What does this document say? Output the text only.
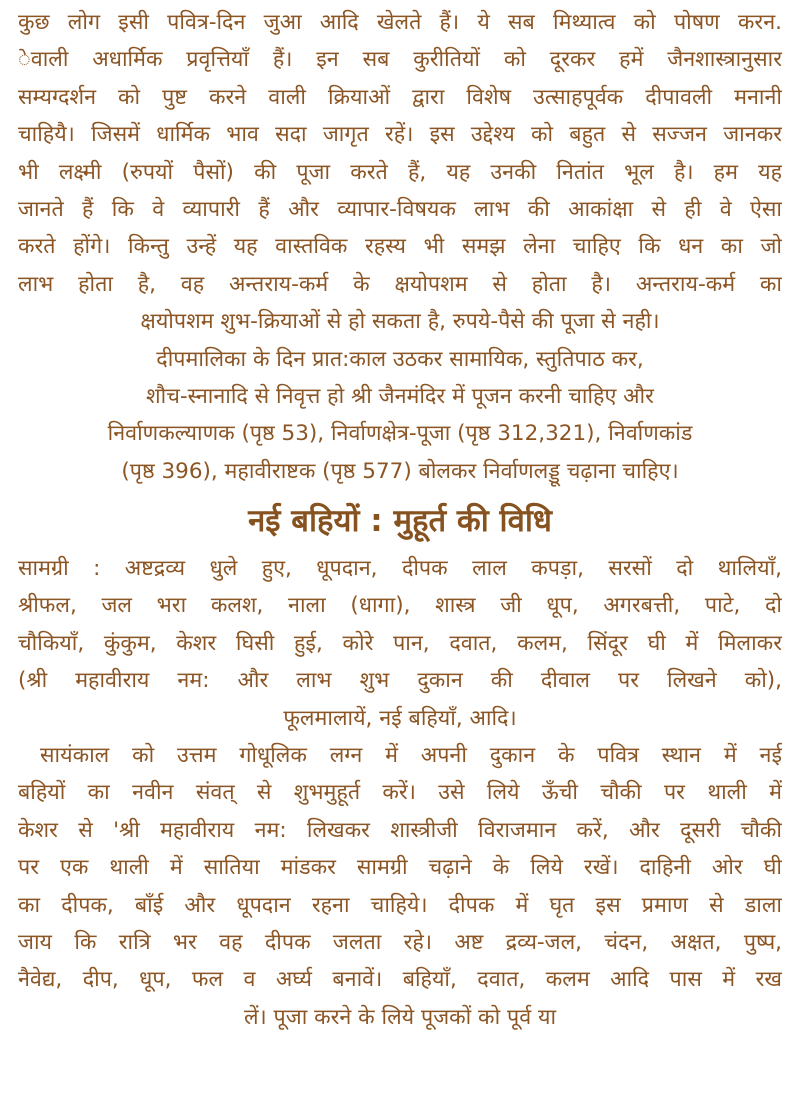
कुछ लोग इसी पवित्र-दिन जुआ आदि खेलते हैं। ये सब मिथ्यात्व को पोषण करन.
ेवाली अधार्मिक प्रवृत्तियाँ हैं। इन सब कुरीतियों को दूरकर हमें जैनशास्त्रानुसार
सम्यग्दर्शन को पुष्ट करने वाली क्रियाओं द्वारा विशेष उत्साहपूर्वक दीपावली मनानी
चाहियै। जिसमें धार्मिक भाव सदा जागृत रहें। इस उद्देश्य को बहुत से सज्जन जानकर
भी लक्ष्मी (रुपयों पैसों) की पूजा करते हैं, यह उनकी नितांत भूल है। हम यह
जानते हैं कि वे व्यापारी हैं और व्यापार-विषयक लाभ की आकांक्षा से ही वे ऐसा
करते होंगे। किन्तु उन्हें यह वास्तविक रहस्य भी समझ लेना चाहिए कि धन का जो
लाभ होता है, वह अन्तराय-कर्म के क्षयोपशम से होता है। अन्तराय-कर्म का
क्षयोपशम शुभ-क्रियाओं से हो सकता है, रुपये-पैसे की पूजा से नही।
दीपमालिका के दिन प्रात:काल उठकर सामायिक, स्तुतिपाठ कर,
शौच-स्नानादि से निवृत्त हो श्री जैनमंदिर में पूजन करनी चाहिए और
निर्वाणकल्याणक (पृष्ठ 53), निर्वाणक्षेत्र-पूजा (पृष्ठ 312,321), निर्वाणकांड
(पृष्ठ 396), महावीराष्टक (पृष्ठ 577) बोलकर निर्वाणलड्डू चढ़ाना चाहिए।
नई बहियों : मुहूर्त की विधि
सामग्री : अष्टद्रव्य धुले हुए, धूपदान, दीपक लाल कपड़ा, सरसों दो थालियाँ,
श्रीफल, जल भरा कलश, नाला (धागा), शास्त्र जी धूप, अगरबत्ती, पाटे, दो
चौकियाँ, कुंकुम, केशर घिसी हुई, कोरे पान, दवात, कलम, सिंदूर घी में मिलाकर
(श्री महावीराय नम: और लाभ शुभ दुकान की दीवाल पर लिखने को),
फूलमालायें, नई बहियाँ, आदि।
सायंकाल को उत्तम गोधूलिक लग्न में अपनी दुकान के पवित्र स्थान में नई
बहियों का नवीन संवत् से शुभमुहूर्त करें। उसे लिये ऊँची चौकी पर थाली में
केशर से 'श्री महावीराय नम: लिखकर शास्त्रीजी विराजमान करें, और दूसरी चौकी
पर एक थाली में सातिया मांडकर सामग्री चढ़ाने के लिये रखें। दाहिनी ओर घी
का दीपक, बाँई और धूपदान रहना चाहिये। दीपक में घृत इस प्रमाण से डाला
जाय कि रात्रि भर वह दीपक जलता रहे। अष्ट द्रव्य-जल, चंदन, अक्षत, पुष्प,
नैवेद्य, दीप, धूप, फल व अर्घ्य बनावें। बहियाँ, दवात, कलम आदि पास में रख
लें। पूजा करने के लिये पूजकों को पूर्व या
